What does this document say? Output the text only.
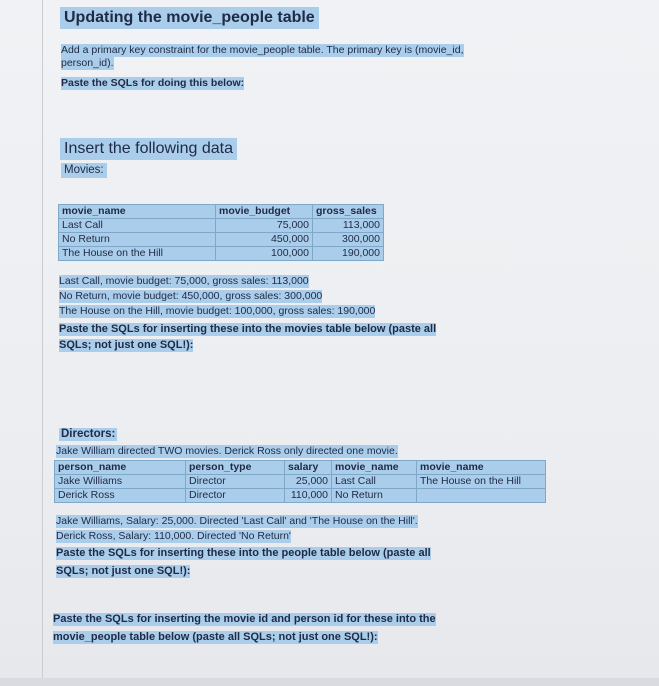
Updating the movie_people table
Add a primary key constraint for the movie_people table. The primary key is (movie_id,
person_id).
Paste the SQLs for doing this below:
Insert the following data
Movies:
movie_name	movie_budget	gross_sales
Last Call	75,000	113,000
No Return	450,000	300,000
The House on the Hill	100,000	190,000
Last Call, movie budget: 75,000, gross sales: 113,000
No Return, movie budget: 450,000, gross sales: 300,000
The House on the Hill, movie budget: 100,000, gross sales: 190,000
Paste the SQLs for inserting these into the movies table below (paste all
SQLs; not just one SQL!):
Directors:
Jake William directed TWO movies. Derick Ross only directed one movie.
person_name	person_type	salary	movie_name	movie_name
Jake Williams	Director	25,000	Last Call	The House on the Hill
Derick Ross	Director	110,000	No Return	
Jake Williams, Salary: 25,000. Directed 'Last Call' and 'The House on the Hill'.
Derick Ross, Salary: 110,000. Directed 'No Return'
Paste the SQLs for inserting these into the people table below (paste all
SQLs; not just one SQL!):
Paste the SQLs for inserting the movie id and person id for these into the
movie_people table below (paste all SQLs; not just one SQL!):
